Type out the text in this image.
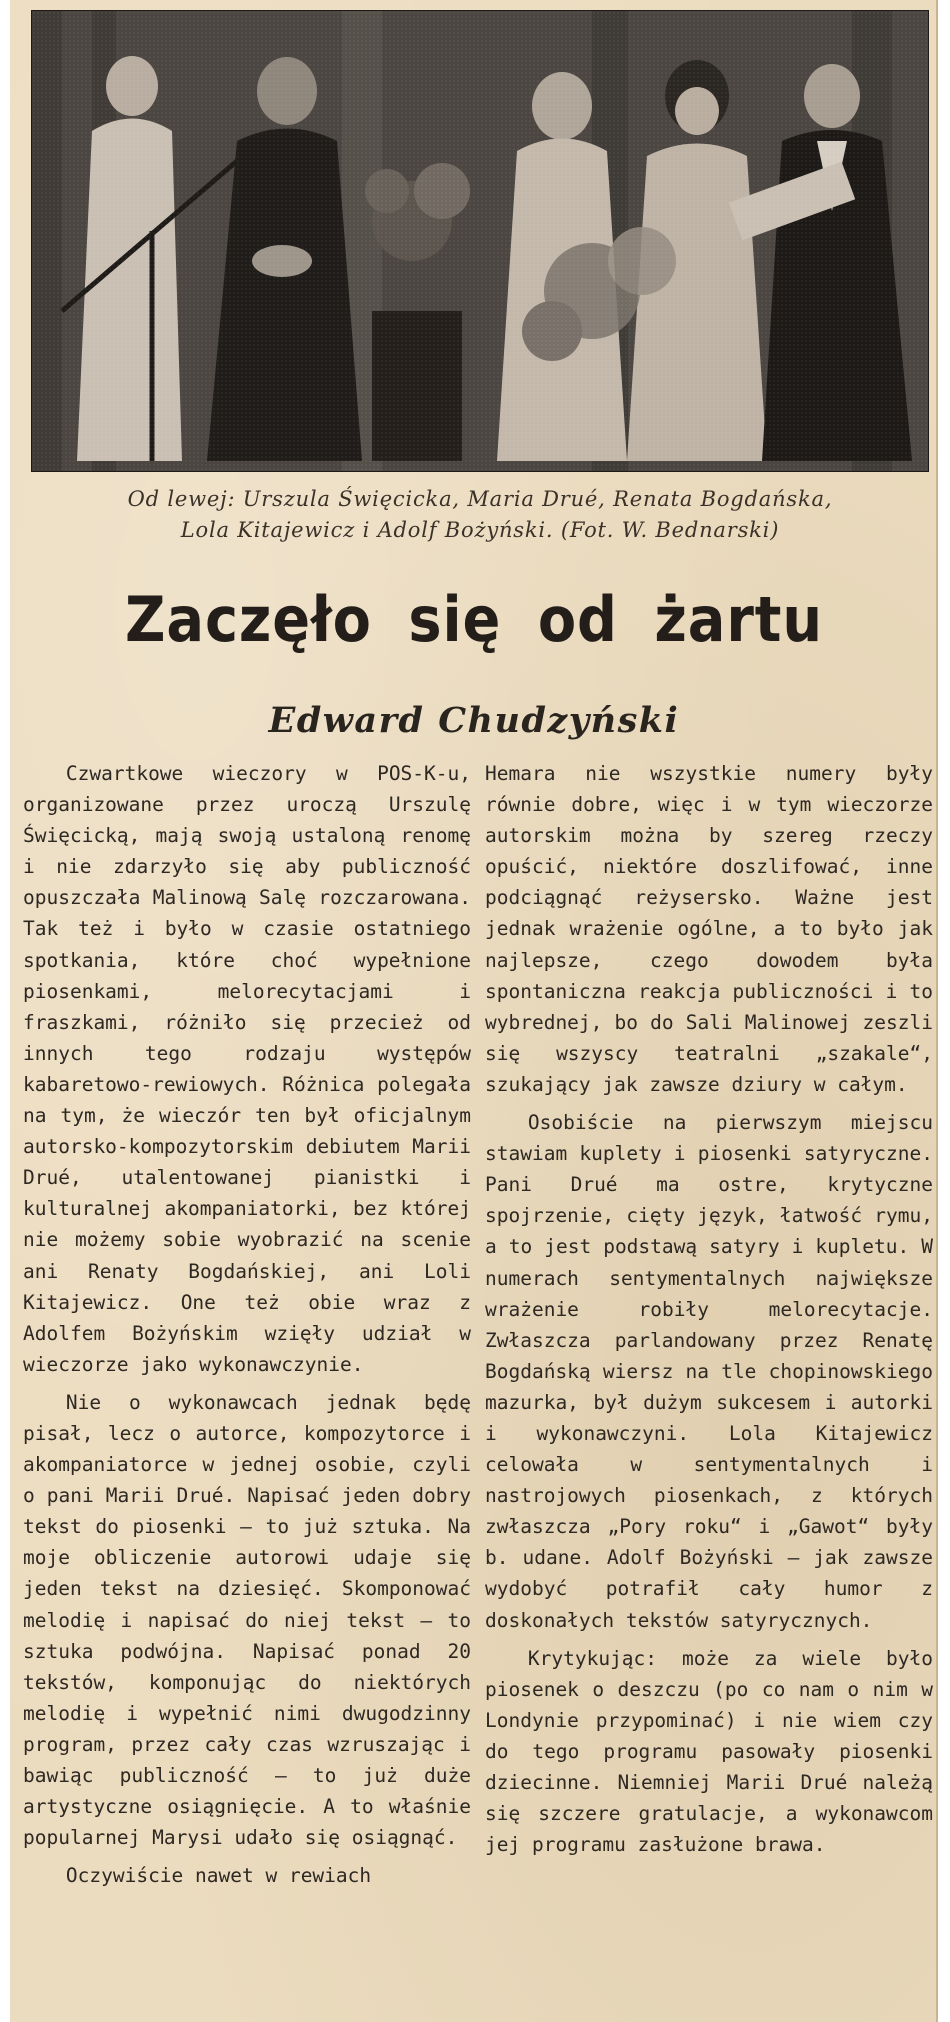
Od lewej: Urszula Święcicka, Maria Drué, Renata Bogdańska,
Lola Kitajewicz i Adolf Bożyński. (Fot. W. Bednarski)
Zaczęło się od żartu
Edward Chudzyński

Czwartkowe wieczory w POS-K-u, organizowane przez uroczą Urszulę Święcicką, mają swoją ustaloną renomę i nie zdarzyło się aby publiczność opuszczała Malinową Salę rozczarowana. Tak też i było w czasie ostatniego spotkania, które choć wypełnione piosenkami, melorecytacjami i fraszkami, różniło się przecież od innych tego rodzaju występów kabaretowo-rewiowych. Różnica polegała na tym, że wieczór ten był oficjalnym autorsko-kompozytorskim debiutem Marii Drué, utalentowanej pianistki i kulturalnej akompaniatorki, bez której nie możemy sobie wyobrazić na scenie ani Renaty Bogdańskiej, ani Loli Kitajewicz. One też obie wraz z Adolfem Bożyńskim wzięły udział w wieczorze jako wykonawczynie.

Nie o wykonawcach jednak będę pisał, lecz o autorce, kompozytorce i akompaniatorce w jednej osobie, czyli o pani Marii Drué. Napisać jeden dobry tekst do piosenki — to już sztuka. Na moje obliczenie autorowi udaje się jeden tekst na dziesięć. Skomponować melodię i napisać do niej tekst — to sztuka podwójna. Napisać ponad 20 tekstów, komponując do niektórych melodię i wypełnić nimi dwugodzinny program, przez cały czas wzruszając i bawiąc publiczność — to już duże artystyczne osiągnięcie. A to właśnie popularnej Marysi udało się osiągnąć.

Oczywiście nawet w rewiach

Hemara nie wszystkie numery były równie dobre, więc i w tym wieczorze autorskim można by szereg rzeczy opuścić, niektóre doszlifować, inne podciągnąć reżysersko. Ważne jest jednak wrażenie ogólne, a to było jak najlepsze, czego dowodem była spontaniczna reakcja publiczności i to wybrednej, bo do Sali Malinowej zeszli się wszyscy teatralni „szakale“, szukający jak zawsze dziury w całym.

Osobiście na pierwszym miejscu stawiam kuplety i piosenki satyryczne. Pani Drué ma ostre, krytyczne spojrzenie, cięty język, łatwość rymu, a to jest podstawą satyry i kupletu. W numerach sentymentalnych największe wrażenie robiły melorecytacje. Zwłaszcza parlandowany przez Renatę Bogdańską wiersz na tle chopinowskiego mazurka, był dużym sukcesem i autorki i wykonawczyni. Lola Kitajewicz celowała w sentymentalnych i nastrojowych piosenkach, z których zwłaszcza „Pory roku“ i „Gawot“ były b. udane. Adolf Bożyński — jak zawsze wydobyć potrafił cały humor z doskonałych tekstów satyrycznych.

Krytykując: może za wiele było piosenek o deszczu (po co nam o nim w Londynie przypominać) i nie wiem czy do tego programu pasowały piosenki dziecinne. Niemniej Marii Drué należą się szczere gratulacje, a wykonawcom jej programu zasłużone brawa.
